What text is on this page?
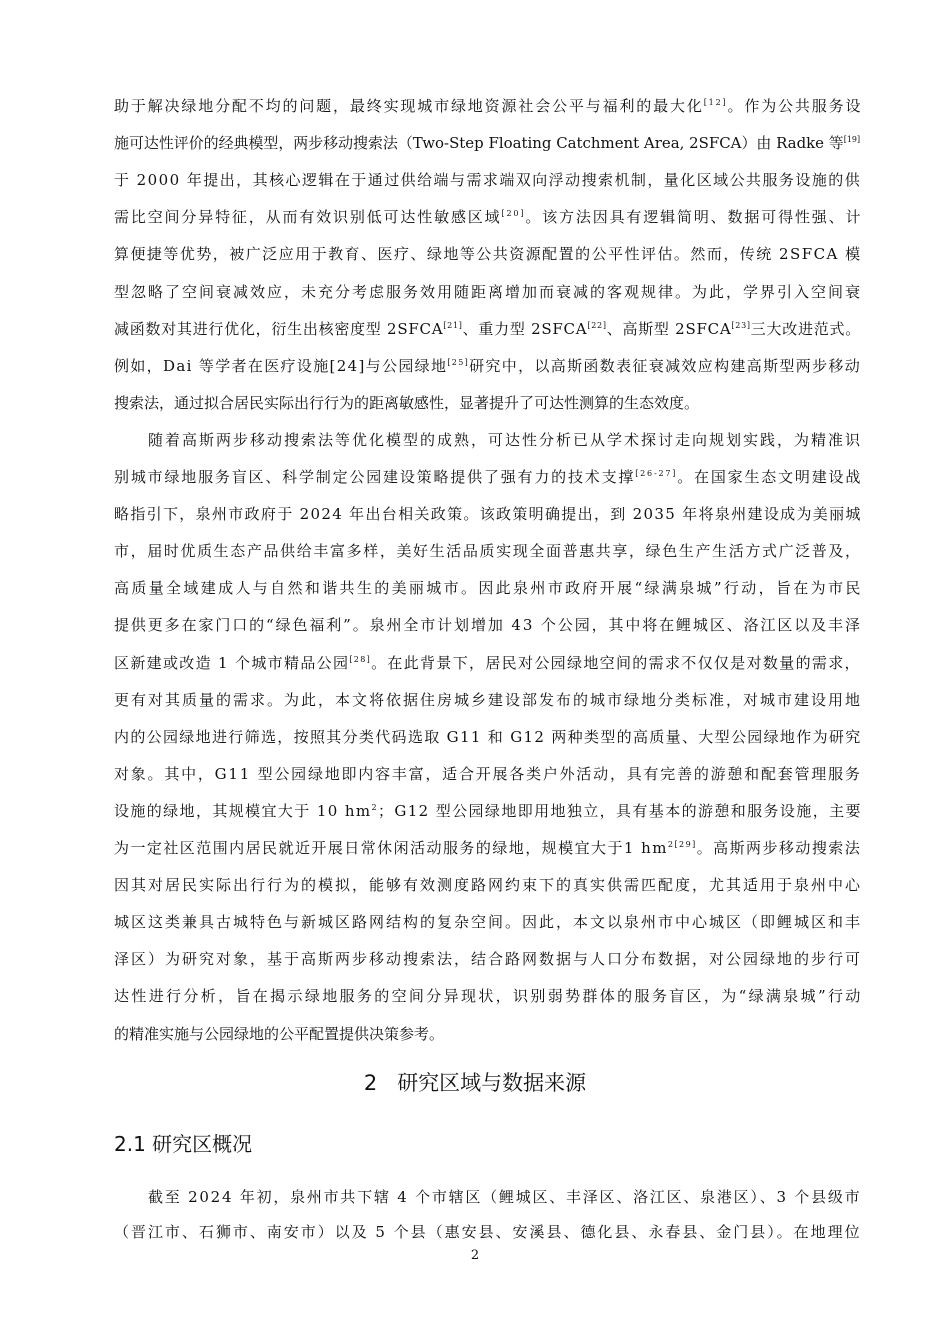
助于解决绿地分配不均的问题，最终实现城市绿地资源社会公平与福利的最大化[12]。作为公共服务设
施可达性评价的经典模型，两步移动搜索法（Two-Step Floating Catchment Area, 2SFCA）由 Radke 等[19]
于 2000 年提出，其核心逻辑在于通过供给端与需求端双向浮动搜索机制，量化区域公共服务设施的供
需比空间分异特征，从而有效识别低可达性敏感区域[20]。该方法因具有逻辑简明、数据可得性强、计
算便捷等优势，被广泛应用于教育、医疗、绿地等公共资源配置的公平性评估。然而，传统 2SFCA 模
型忽略了空间衰减效应，未充分考虑服务效用随距离增加而衰减的客观规律。为此，学界引入空间衰
减函数对其进行优化，衍生出核密度型 2SFCA[21]、重力型 2SFCA[22]、高斯型 2SFCA[23]三大改进范式。
例如，Dai 等学者在医疗设施[24]与公园绿地[25]研究中，以高斯函数表征衰减效应构建高斯型两步移动
搜索法，通过拟合居民实际出行行为的距离敏感性，显著提升了可达性测算的生态效度。
随着高斯两步移动搜索法等优化模型的成熟，可达性分析已从学术探讨走向规划实践，为精准识
别城市绿地服务盲区、科学制定公园建设策略提供了强有力的技术支撑[26-27]。在国家生态文明建设战
略指引下，泉州市政府于 2024 年出台相关政策。该政策明确提出，到 2035 年将泉州建设成为美丽城
市，届时优质生态产品供给丰富多样，美好生活品质实现全面普惠共享，绿色生产生活方式广泛普及，
高质量全域建成人与自然和谐共生的美丽城市。因此泉州市政府开展“绿满泉城”行动，旨在为市民
提供更多在家门口的“绿色福利”。泉州全市计划增加 43 个公园，其中将在鲤城区、洛江区以及丰泽
区新建或改造 1 个城市精品公园[28]。在此背景下，居民对公园绿地空间的需求不仅仅是对数量的需求，
更有对其质量的需求。为此，本文将依据住房城乡建设部发布的城市绿地分类标准，对城市建设用地
内的公园绿地进行筛选，按照其分类代码选取 G11 和 G12 两种类型的高质量、大型公园绿地作为研究
对象。其中，G11 型公园绿地即内容丰富，适合开展各类户外活动，具有完善的游憩和配套管理服务
设施的绿地，其规模宜大于 10 $hm^2$；G12 型公园绿地即用地独立，具有基本的游憩和服务设施，主要
为一定社区范围内居民就近开展日常休闲活动服务的绿地，规模宜大于1 $hm^{2[29]}$。高斯两步移动搜索法
因其对居民实际出行行为的模拟，能够有效测度路网约束下的真实供需匹配度，尤其适用于泉州中心
城区这类兼具古城特色与新城区路网结构的复杂空间。因此，本文以泉州市中心城区（即鲤城区和丰
泽区）为研究对象，基于高斯两步移动搜索法，结合路网数据与人口分布数据，对公园绿地的步行可
达性进行分析，旨在揭示绿地服务的空间分异现状，识别弱势群体的服务盲区，为“绿满泉城”行动
的精准实施与公园绿地的公平配置提供决策参考。
截至 2024 年初，泉州市共下辖 4 个市辖区（鲤城区、丰泽区、洛江区、泉港区）、3 个县级市
（晋江市、石狮市、南安市）以及 5 个县（惠安县、安溪县、德化县、永春县、金门县）。在地理位
2 研究区域与数据来源
2.1 研究区概况
2
